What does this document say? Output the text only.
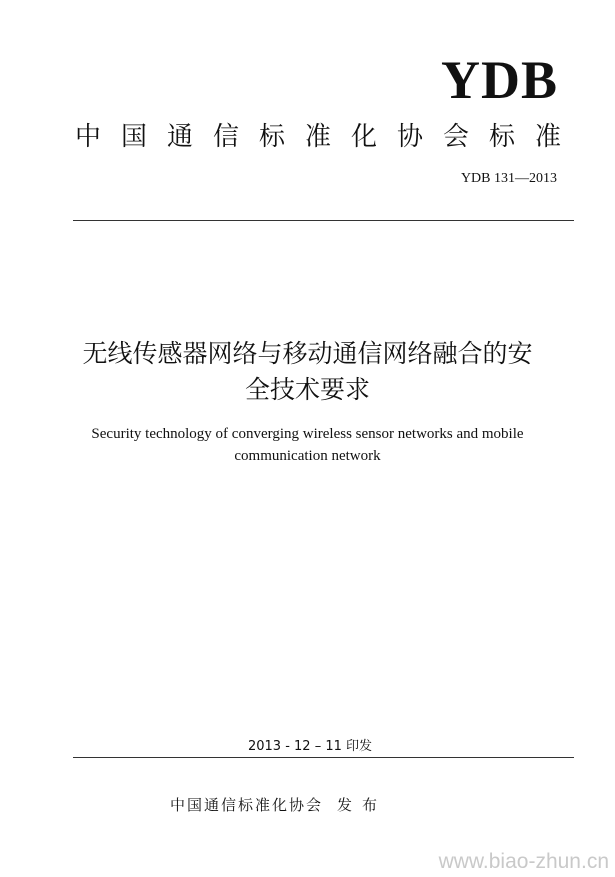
YDB
中国通信标准化协会标准
YDB 131—2013
无线传感器网络与移动通信网络融合的安
全技术要求
Security technology of converging wireless sensor networks and mobile
communication network
2013 - 12 – 11 印发
中国通信标准化协会 发布
www.biao-zhun.cn
